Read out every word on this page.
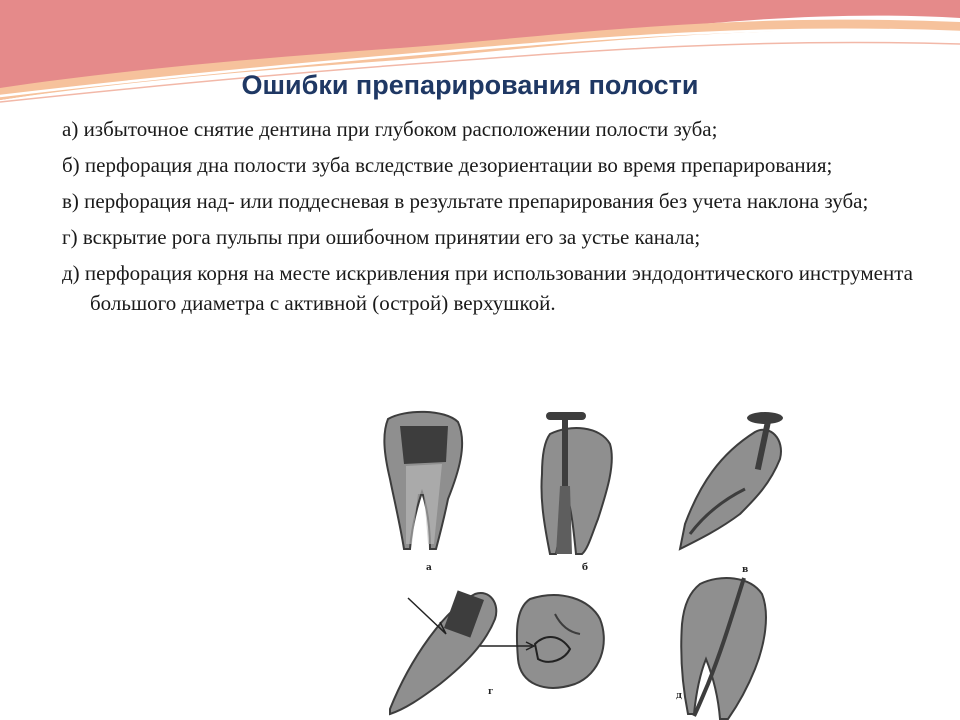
Ошибки препарирования полости
а) избыточное снятие дентина при глубоком расположении полости зуба;
б) перфорация дна полости зуба вследствие дезориентации во время препарирования;
в) перфорация над- или поддесневая в результате препарирования без учета наклона зуба;
г) вскрытие рога пульпы при ошибочном принятии его за устье канала;
д) перфорация корня на месте искривления при использовании эндодонтического инструмента большого диаметра с активной (острой) верхушкой.
а	б	в
г	д
